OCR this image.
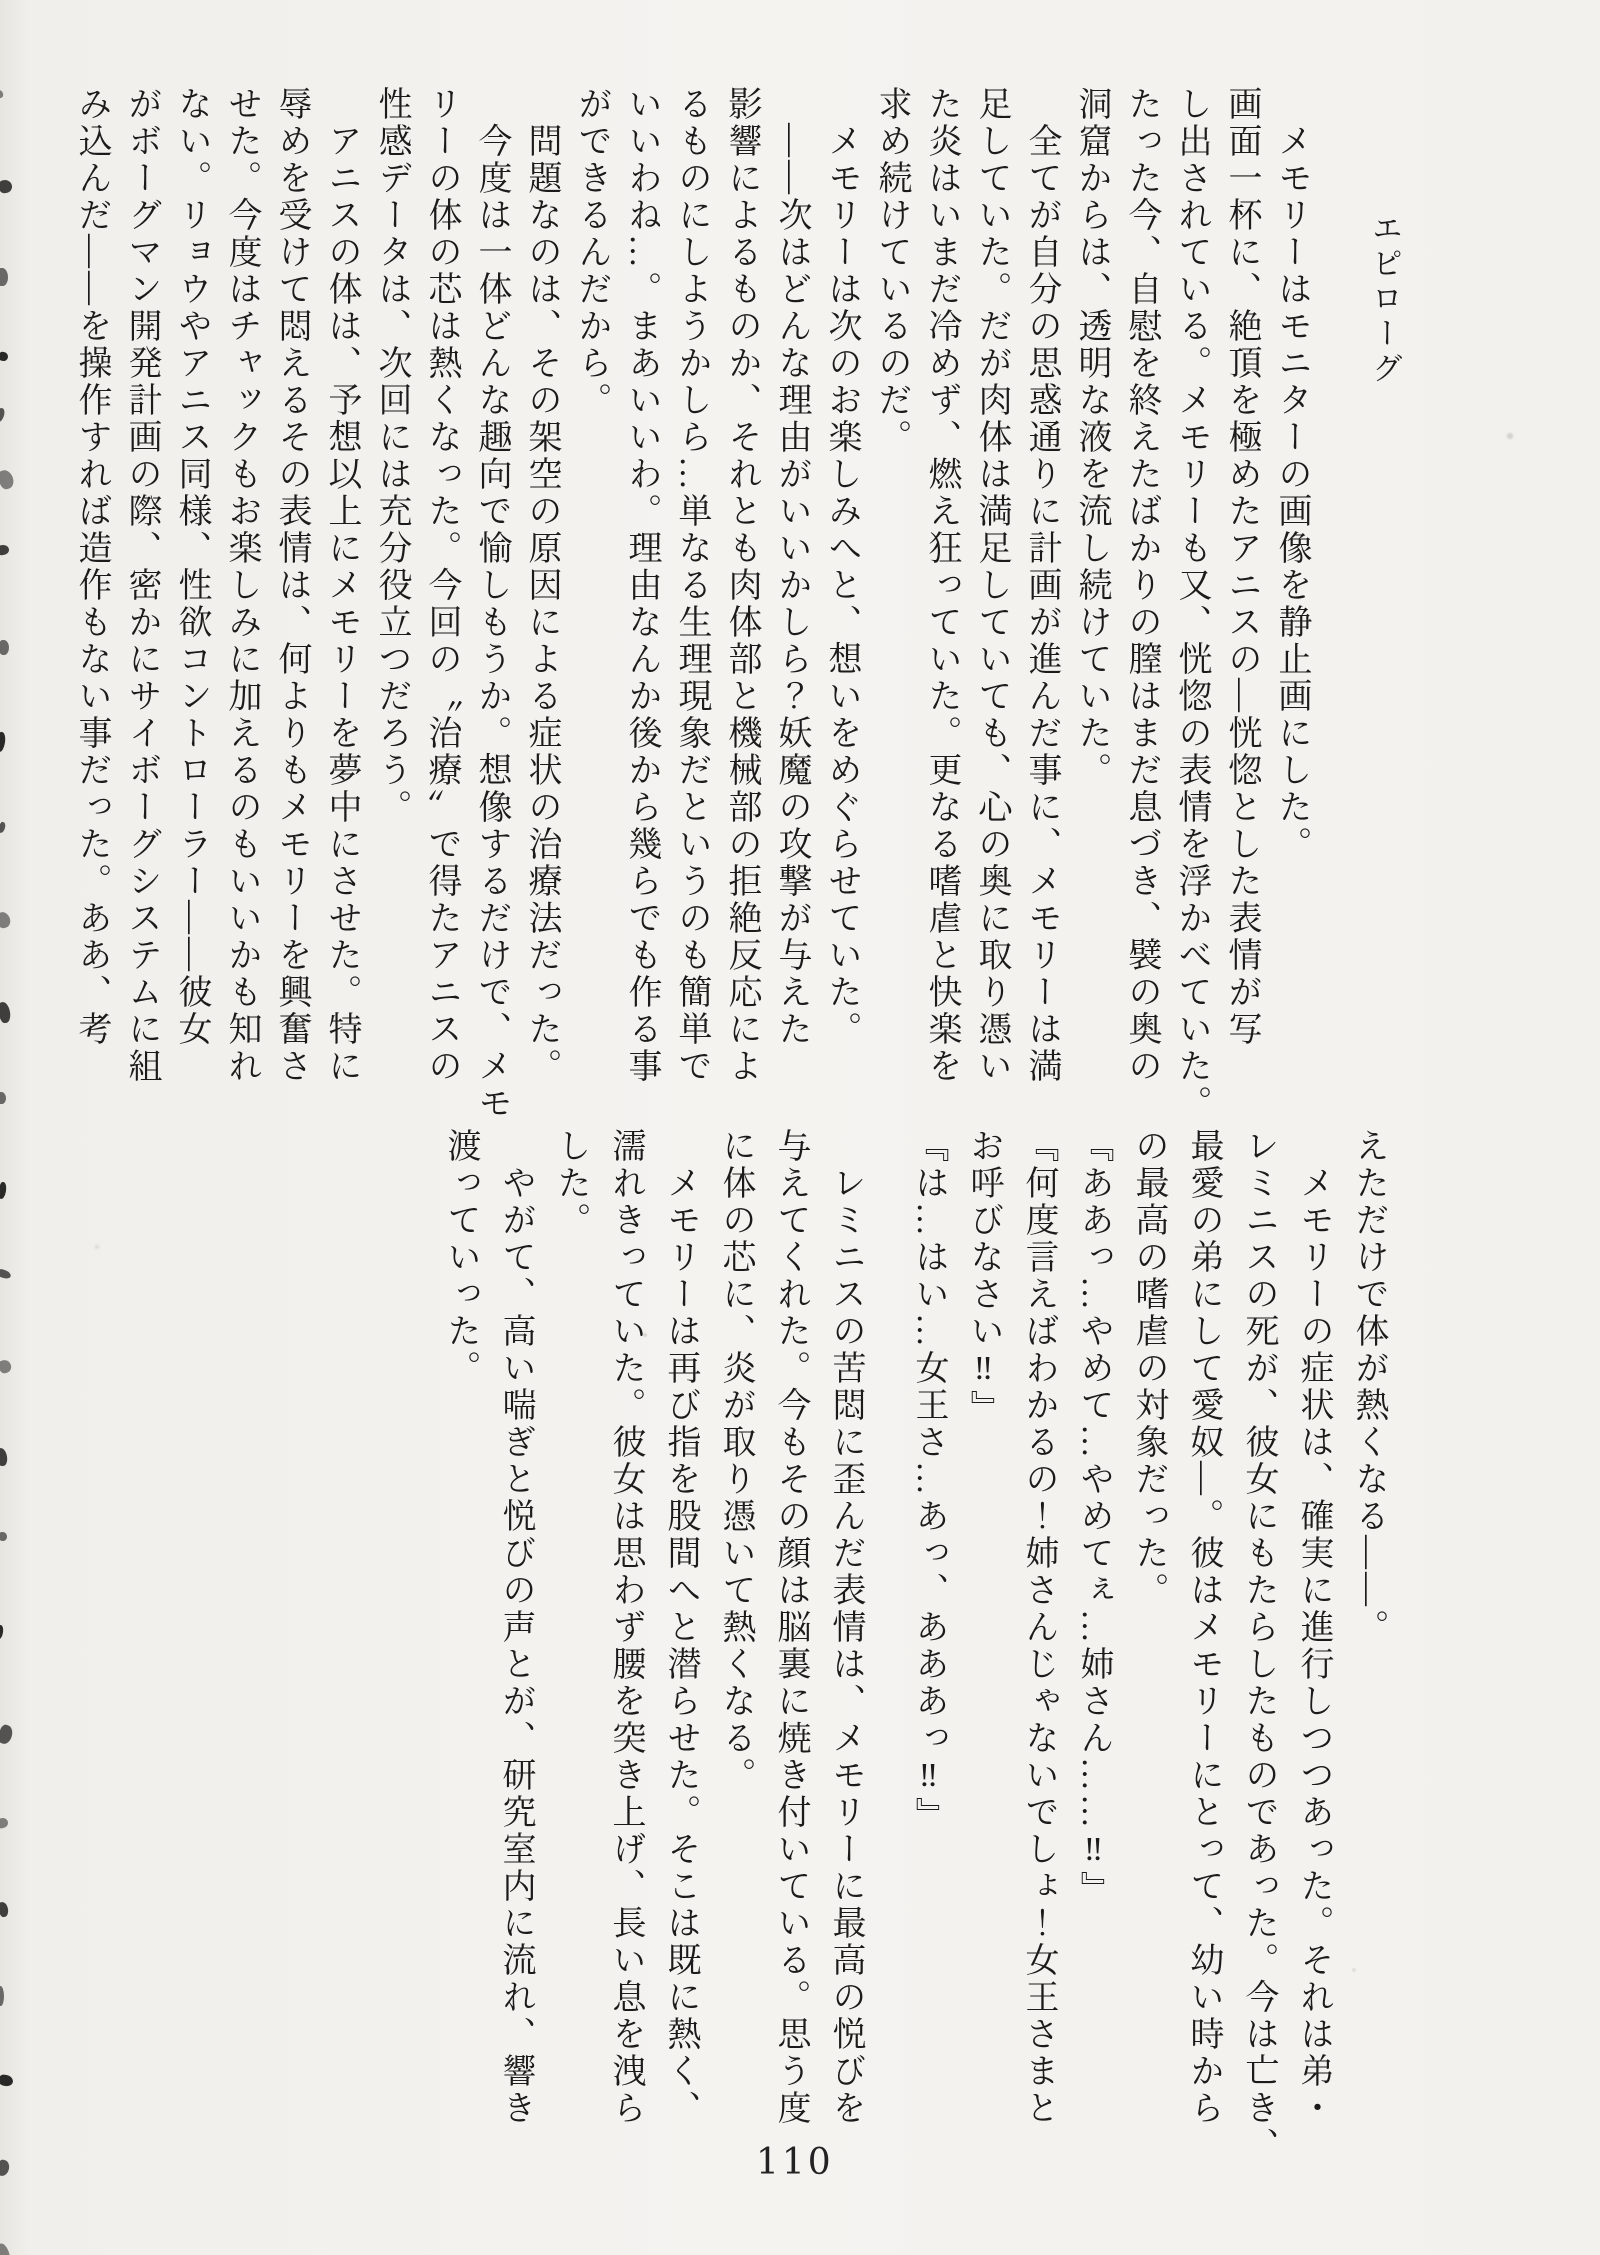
エピローグ
メモリーはモニターの画像を静止画にした。
画面一杯に、絶頂を極めたアニスの―恍惚とした表情が写
し出されている。メモリーも又、恍惚の表情を浮かべていた。
たった今、自慰を終えたばかりの膣はまだ息づき、襞の奥の
洞窟からは、透明な液を流し続けていた。
全てが自分の思惑通りに計画が進んだ事に、メモリーは満
足していた。だが肉体は満足していても、心の奥に取り憑い
た炎はいまだ冷めず、燃え狂っていた。更なる嗜虐と快楽を
求め続けているのだ。
メモリーは次のお楽しみへと、想いをめぐらせていた。
――次はどんな理由がいいかしら？妖魔の攻撃が与えた
影響によるものか、それとも肉体部と機械部の拒絶反応によ
るものにしようかしら…単なる生理現象だというのも簡単で
いいわね…。まあいいわ。理由なんか後から幾らでも作る事
ができるんだから。
問題なのは、その架空の原因による症状の治療法だった。
今度は一体どんな趣向で愉しもうか。想像するだけで、メモ
リーの体の芯は熱くなった。今回の〝治療〟で得たアニスの
性感データは、次回には充分役立つだろう。
アニスの体は、予想以上にメモリーを夢中にさせた。特に
辱めを受けて悶えるその表情は、何よりもメモリーを興奮さ
せた。今度はチャックもお楽しみに加えるのもいいかも知れ
ない。リョウやアニス同様、性欲コントローラー――彼女
がボーグマン開発計画の際、密かにサイボーグシステムに組
み込んだ――を操作すれば造作もない事だった。ああ、考
えただけで体が熱くなる――。
メモリーの症状は、確実に進行しつつあった。それは弟・
レミニスの死が、彼女にもたらしたものであった。今は亡き、
最愛の弟にして愛奴―。彼はメモリーにとって、幼い時から
の最高の嗜虐の対象だった。
『ああっ…やめて…やめてぇ…姉さん……‼』
『何度言えばわかるの！姉さんじゃないでしょ！女王さまと
お呼びなさい‼』
『は…はい…女王さ…あっ、あああっ‼』
レミニスの苦悶に歪んだ表情は、メモリーに最高の悦びを
与えてくれた。今もその顔は脳裏に焼き付いている。思う度
に体の芯に、炎が取り憑いて熱くなる。
メモリーは再び指を股間へと潜らせた。そこは既に熱く、
濡れきっていた。彼女は思わず腰を突き上げ、長い息を洩ら
した。
やがて、高い喘ぎと悦びの声とが、研究室内に流れ、響き
渡っていった。
110
